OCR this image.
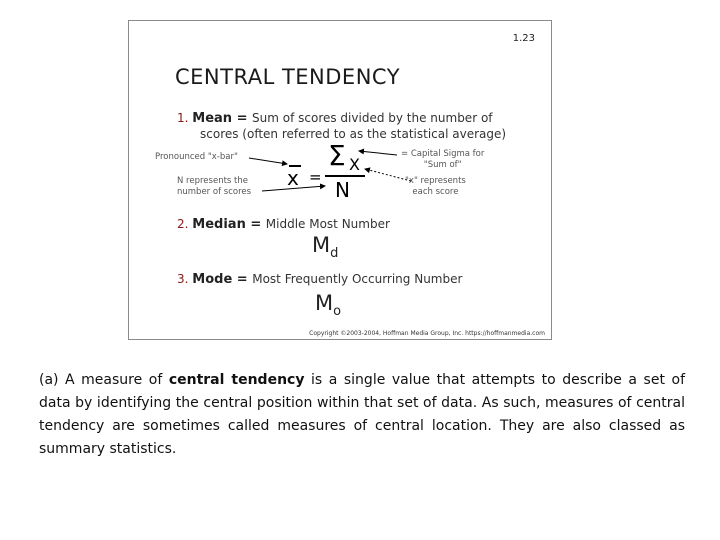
1.23
CENTRAL TENDENCY
1. Mean = Sum of scores divided by the number of
scores (often referred to as the statistical average)
Pronounced "x-bar"
N represents the
number of scores
= Capital Sigma for
"Sum of"
"x" represents
each score
x =
Σ X
N
2. Median = Middle Most Number
$M_d$
3. Mode = Most Frequently Occurring Number
$M_o$
Copyright ©2003-2004, Hoffman Media Group, Inc. https://hoffmanmedia.com
(a) A measure of central tendency is a single value that attempts to describe a set of data by identifying the central position within that set of data. As such, measures of central tendency are sometimes called measures of central location. They are also classed as summary statistics.
